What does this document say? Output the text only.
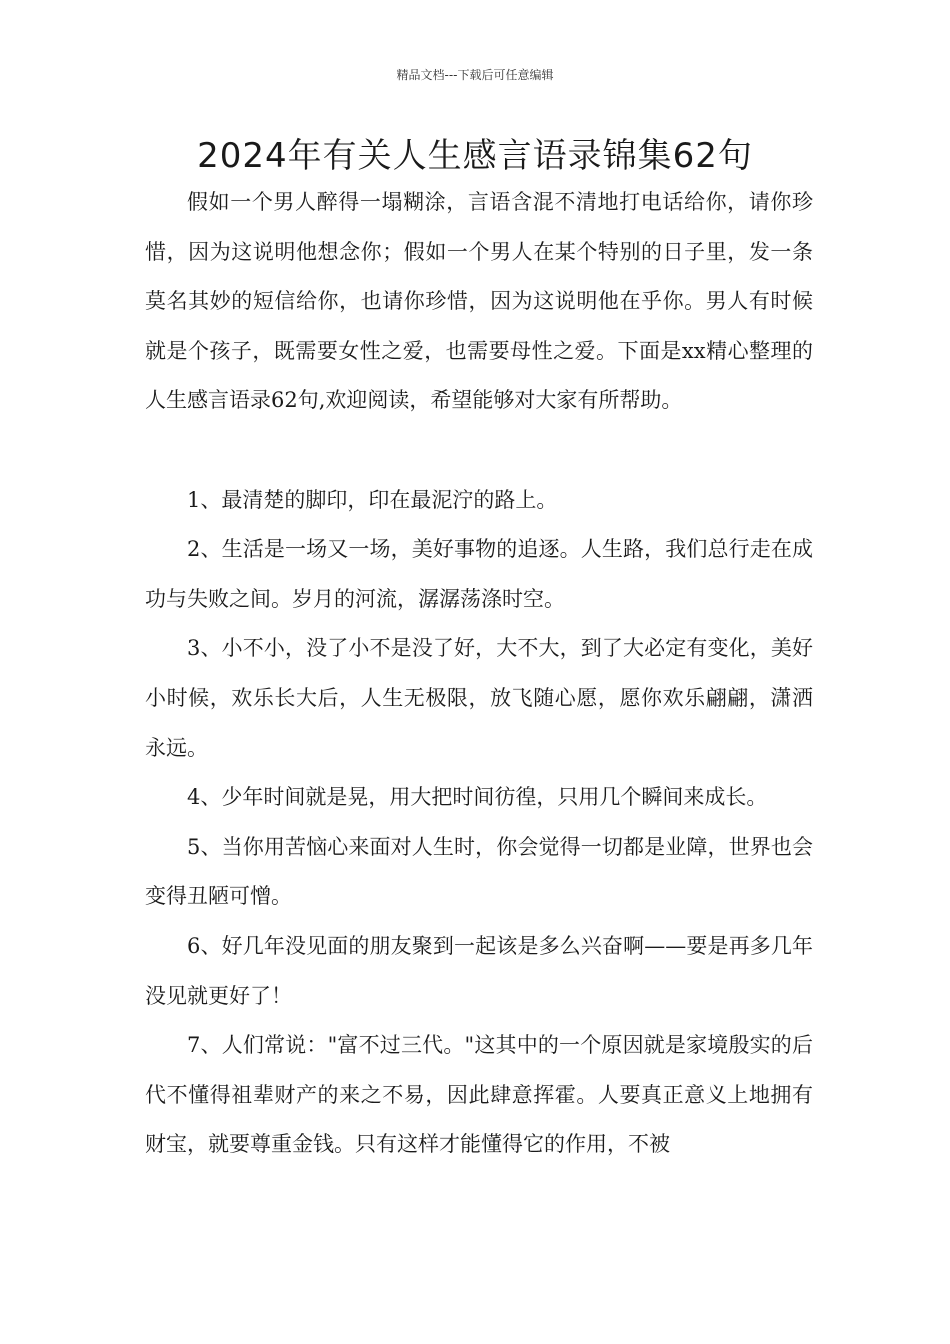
精品文档---下载后可任意编辑
2024年有关人生感言语录锦集62句

假如一个男人醉得一塌糊涂，言语含混不清地打电话给你，请你珍惜，因为这说明他想念你；假如一个男人在某个特别的日子里，发一条莫名其妙的短信给你，也请你珍惜，因为这说明他在乎你。男人有时候就是个孩子，既需要女性之爱，也需要母性之爱。下面是xx精心整理的人生感言语录62句,欢迎阅读，希望能够对大家有所帮助。

1、最清楚的脚印，印在最泥泞的路上。

2、生活是一场又一场，美好事物的追逐。人生路，我们总行走在成功与失败之间。岁月的河流，潺潺荡涤时空。

3、小不小，没了小不是没了好，大不大，到了大必定有变化，美好小时候，欢乐长大后，人生无极限，放飞随心愿，愿你欢乐翩翩，潇洒永远。

4、少年时间就是晃，用大把时间彷徨，只用几个瞬间来成长。

5、当你用苦恼心来面对人生时，你会觉得一切都是业障，世界也会变得丑陋可憎。

6、好几年没见面的朋友聚到一起该是多么兴奋啊——要是再多几年没见就更好了！

7、人们常说："富不过三代。"这其中的一个原因就是家境殷实的后代不懂得祖辈财产的来之不易，因此肆意挥霍。人要真正意义上地拥有财宝，就要尊重金钱。只有这样才能懂得它的作用，不被
